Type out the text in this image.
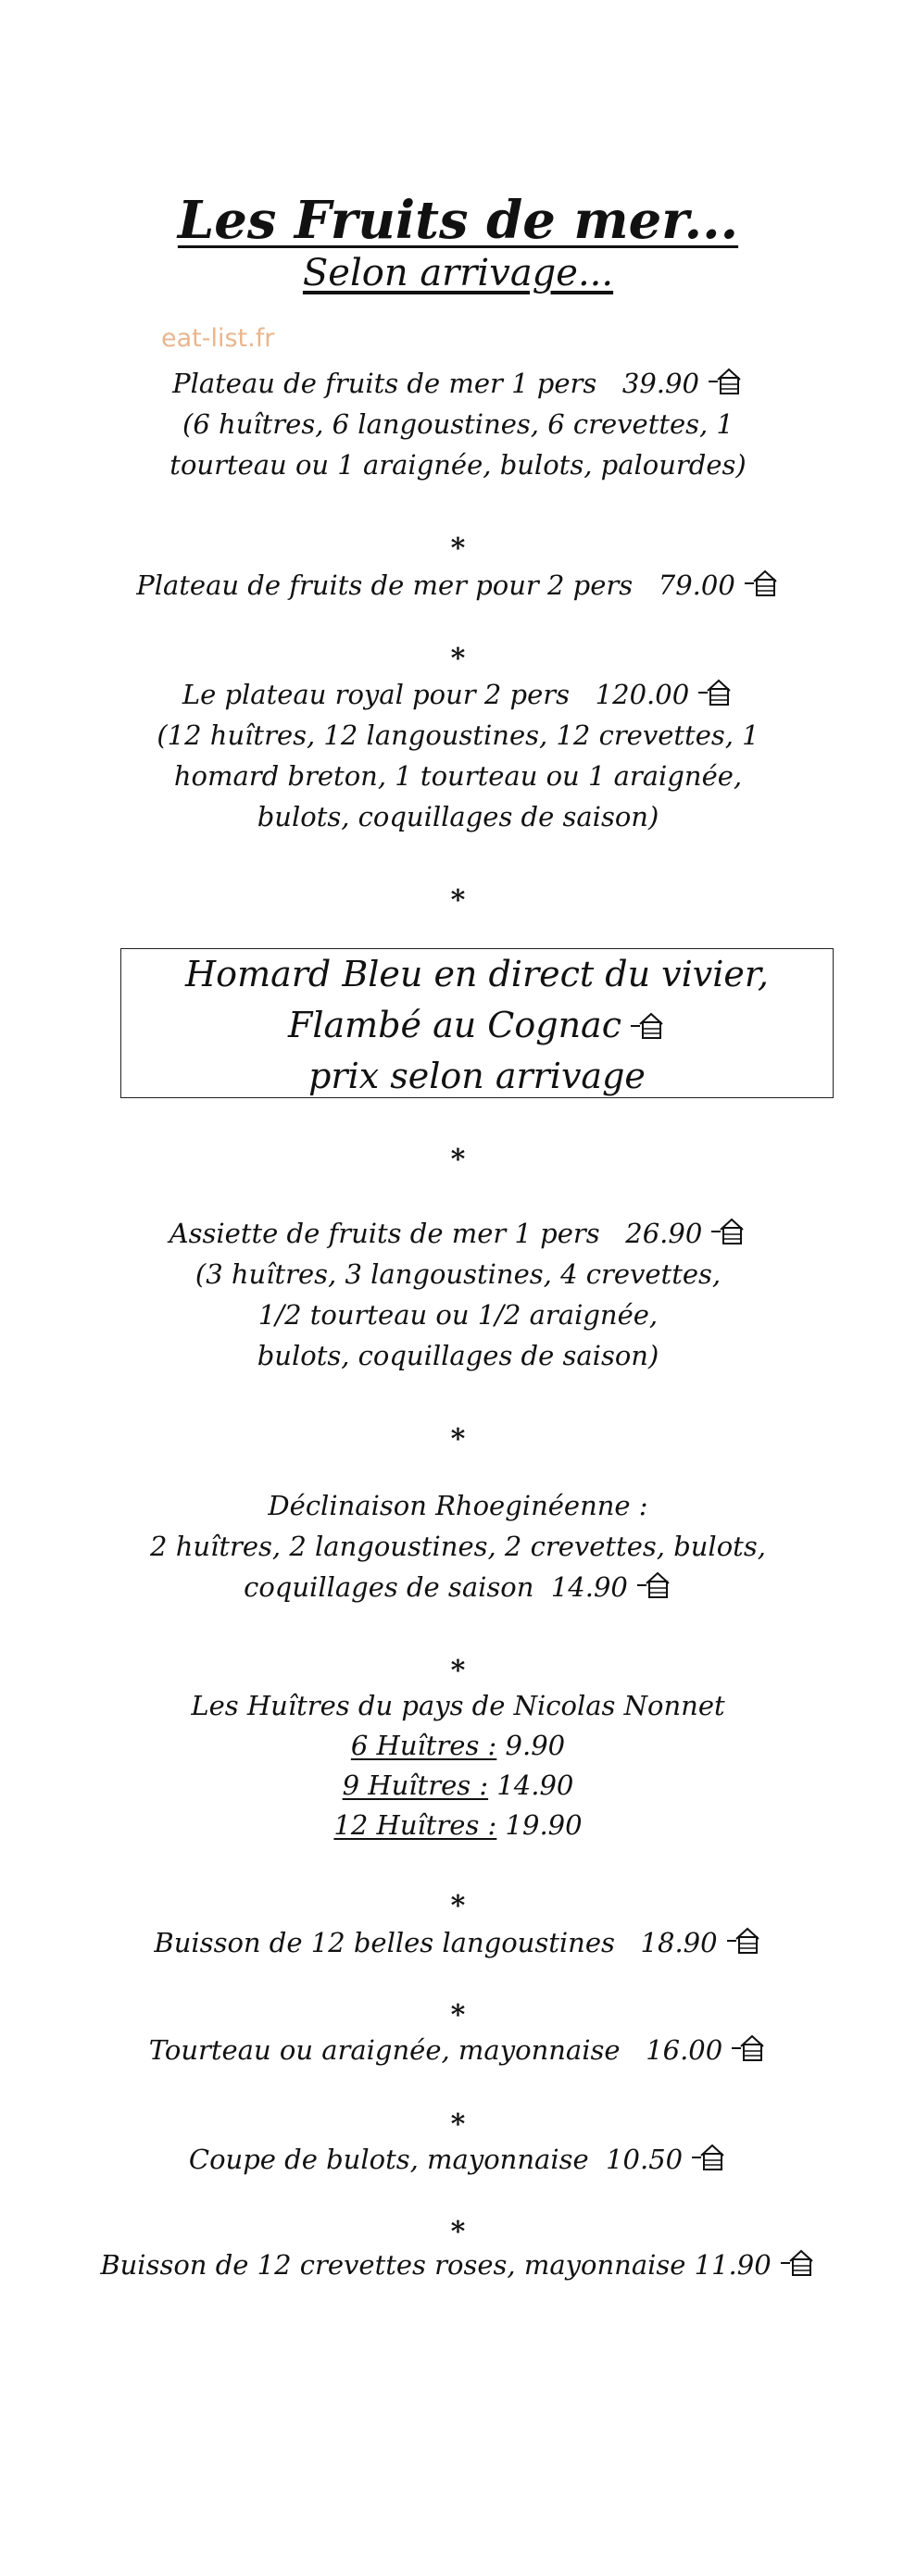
Les Fruits de mer...
Selon arrivage...
eat-list.fr
Plateau de fruits de mer 1 pers 39.90
(6 huîtres, 6 langoustines, 6 crevettes, 1
tourteau ou 1 araignée, bulots, palourdes)
*
Plateau de fruits de mer pour 2 pers 79.00
*
Le plateau royal pour 2 pers 120.00
(12 huîtres, 12 langoustines, 12 crevettes, 1
homard breton, 1 tourteau ou 1 araignée,
bulots, coquillages de saison)
*
Homard Bleu en direct du vivier,
Flambé au Cognac
prix selon arrivage
*
Assiette de fruits de mer 1 pers 26.90
(3 huîtres, 3 langoustines, 4 crevettes,
1/2 tourteau ou 1/2 araignée,
bulots, coquillages de saison)
*
Déclinaison Rhoeginéenne :
2 huîtres, 2 langoustines, 2 crevettes, bulots,
coquillages de saison 14.90
*
Les Huîtres du pays de Nicolas Nonnet
6 Huîtres : 9.90
9 Huîtres : 14.90
12 Huîtres : 19.90
*
Buisson de 12 belles langoustines 18.90
*
Tourteau ou araignée, mayonnaise 16.00
*
Coupe de bulots, mayonnaise 10.50
*
Buisson de 12 crevettes roses, mayonnaise 11.90
